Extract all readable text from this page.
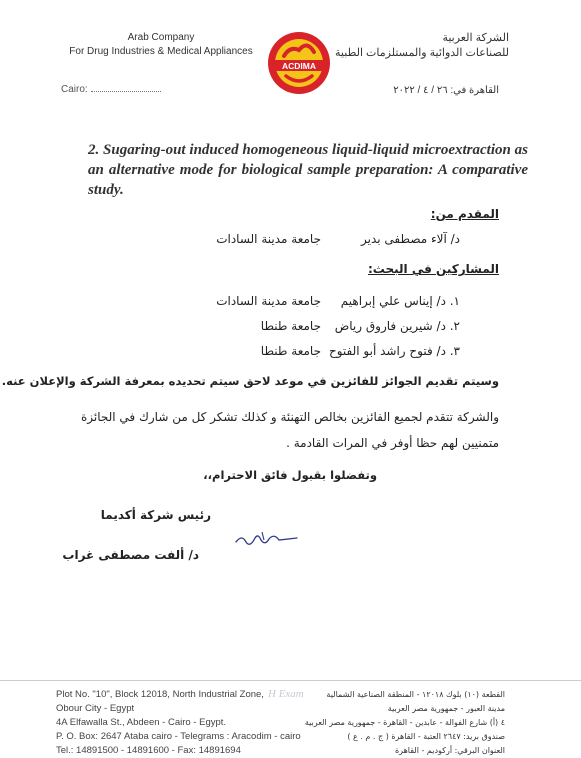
Arab Company
For Drug Industries & Medical Appliances
الشركة العربية
للصناعات الدوائية والمستلزمات الطبية
ACDIMA
Cairo:	القاهرة في: ٢٦ / ٤ / ٢٠٢٢
2. Sugaring-out induced homogeneous liquid-liquid microextraction as an alternative mode for biological sample preparation: A comparative study.
المقدم من:
د/ آلاء مصطفى بدير
جامعة مدينة السادات
المشاركين في البحث:
١. د/ إيناس علي إبراهيم
جامعة مدينة السادات
٢. د/ شيرين فاروق رياض
جامعة طنطا
٣. د/ فتوح راشد أبو الفتوح
جامعة طنطا
وسيتم تقديم الجوائز للفائزين في موعد لاحق سيتم تحديده بمعرفة الشركة والإعلان عنه.
والشركة تتقدم لجميع الفائزين بخالص التهنئة و كذلك تشكر كل من شارك في الجائزة متمنيين لهم حظا أوفر في المرات القادمة .
وتفضلوا بقبول فائق الاحترام،،
رئيس شركة أكديما
د/ ألفت مصطفى غراب
Plot No. "10", Block 12018, North Industrial Zone,
Obour City - Egypt
4A Elfawalla St., Abdeen - Cairo - Egypt.
P. O. Box: 2647 Ataba cairo - Telegrams : Aracodim - cairo
Tel.: 14891500 - 14891600 - Fax: 14891694
H Exam	القطعة (١٠) بلوك ١٢٠١٨ - المنطقة الصناعية الشمالية
مدينة العبور - جمهورية مصر العربية
٤ (أ) شارع الفوالة - عابدين - القاهرة - جمهورية مصر العربية
صندوق بريد: ٢٦٤٧ العتبة - القاهرة ( ج . م . ع )
العنوان البرقي: أركوديم - القاهرة
